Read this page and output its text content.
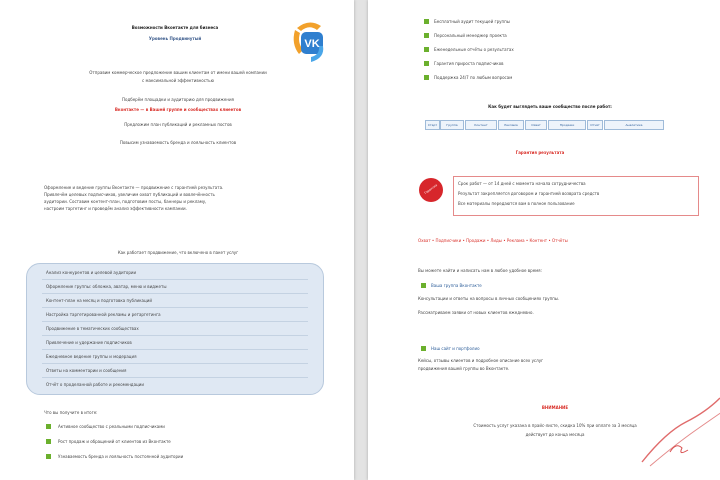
Возможности Вконтакте для бизнеса
Уровень Продвинутый	VK
Отправим коммерческое предложение вашим клиентам от имени вашей компании
с максимальной эффективностью
Подберём площадки и аудиторию для продвижения
Вконтакте — в Вашей группе и сообществах клиентов
Предложим план публикаций и рекламных постов
Повысим узнаваемость бренда и лояльность клиентов
Оформление и ведение группы Вконтакте — продвижение с гарантией результата.
Привлечём целевых подписчиков, увеличим охват публикаций и вовлечённость
аудитории. Составим контент-план, подготовим посты, баннеры и рекламу,
настроим таргетинг и проведём анализ эффективности кампании.
Как работает продвижение, что включено в пакет услуг
Анализ конкурентов и целевой аудитории
Оформление группы: обложка, аватар, меню и виджеты
Контент-план на месяц и подготовка публикаций
Настройка таргетированной рекламы и ретаргетинга
Продвижение в тематических сообществах
Привлечение и удержание подписчиков
Ежедневное ведение группы и модерация
Ответы на комментарии и сообщения
Отчёт о проделанной работе и рекомендации
Что вы получите в итоге:
Активное сообщество с реальными подписчиками
Рост продаж и обращений от клиентов из Вконтакте
Узнаваемость бренда и лояльность постоянной аудитории
Бесплатный аудит текущей группы
Персональный менеджер проекта
Еженедельные отчёты о результатах
Гарантия прироста подписчиков
Поддержка 24/7 по любым вопросам
Как будет выглядеть ваше сообщество после работ:
Старт	Группа	Контент	Реклама	Охват	Продажи	Отчёт	Аналитика
Гарантия результата
Гарантия	Срок работ — от 14 дней с момента начала сотрудничества
Результат закрепляется договором и гарантией возврата средств
Все материалы передаются вам в полное пользование
Охват • Подписчики • Продажи • Лиды • Реклама • Контент • Отчёты
Вы можете найти и написать нам в любое удобное время:
Ваша группа Вконтакте
Консультации и ответы на вопросы в личных сообщениях группы.
Рассматриваем заявки от новых клиентов ежедневно.
Наш сайт и портфолио
Кейсы, отзывы клиентов и подробное описание всех услуг
продвижения вашей группы во Вконтакте.
ВНИМАНИЕ
Стоимость услуг указана в прайс-листе, скидка 10% при оплате за 3 месяца
действует до конца месяца
